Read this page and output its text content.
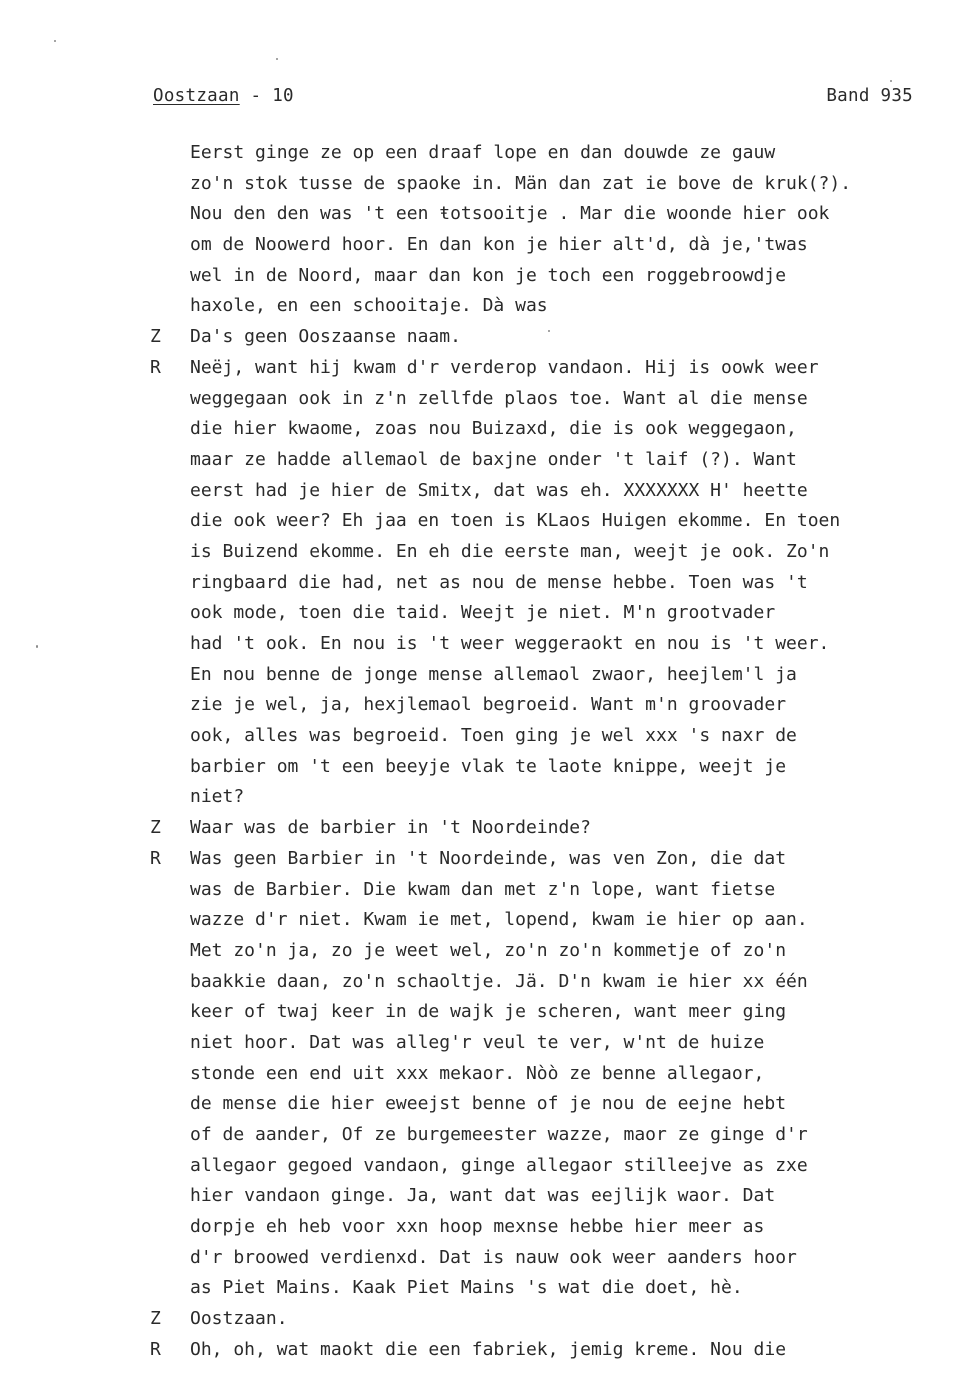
Oostzaan - 10	Band 935
Eerst ginge ze op een draaf lope en dan douwde ze gauw
zo'n stok tusse de spaoke in. Män dan zat ie bove de kruk(?).
Nou den den was 't een ŧotsooitje . Mar die woonde hier ook
om de Noowerd hoor. En dan kon je hier alt'd, dà je,'twas
wel in de Noord, maar dan kon je toch een roggebroowdje
haxole, en een schooitaje. Dà was
Z	Da's geen Ooszaanse naam.
R	Neëj, want hij kwam d'r verderop vandaon. Hij is oowk weer
weggegaan ook in z'n zellfde plaos toe. Want al die mense
die hier kwaome, zoas nou Buizaxd, die is ook weggegaon,
maar ze hadde allemaol de baxjne onder 't laif (?). Want
eerst had je hier de Smitx, dat was eh. XXXXXXX H' heette
die ook weer? Eh jaa en toen is KLaos Huigen ekomme. En toen
is Buizend ekomme. En eh die eerste man, weejt je ook. Zo'n
ringbaard die had, net as nou de mense hebbe. Toen was 't
ook mode, toen die taid. Weejt je niet. M'n grootvader
had 't ook. En nou is 't weer weggeraokt en nou is 't weer.
En nou benne de jonge mense allemaol zwaor, heejlem'l ja
zie je wel, ja, hexjlemaol begroeid. Want m'n groovader
ook, alles was begroeid. Toen ging je wel xxx 's naxr de
barbier om 't een beeyje vlak te laote knippe, weejt je
niet?
Z	Waar was de barbier in 't Noordeinde?
R	Was geen Barbier in 't Noordeinde, was ven Zon, die dat
was de Barbier. Die kwam dan met z'n lope, want fietse
wazze d'r niet. Kwam ie met, lopend, kwam ie hier op aan.
Met zo'n ja, zo je weet wel, zo'n zo'n kommetje of zo'n
baakkie daan, zo'n schaoltje. Jä. D'n kwam ie hier xx één
keer of twaj keer in de wajk je scheren, want meer ging
niet hoor. Dat was alleg'r veul te ver, w'nt de huize
stonde een end uit xxx mekaor. Nòò ze benne allegaor,
de mense die hier eweejst benne of je nou de eejne hebt
of de aander, Of ze burgemeester wazze, maor ze ginge d'r
allegaor gegoed vandaon, ginge allegaor stilleejve as zxe
hier vandaon ginge. Ja, want dat was eejlijk waor. Dat
dorpje eh heb voor xxn hoop mexnse hebbe hier meer as
d'r broowed verdienxd. Dat is nauw ook weer aanders hoor
as Piet Mains. Kaak Piet Mains 's wat die doet, hè.
Z	Oostzaan.
R	Oh, oh, wat maokt die een fabriek, jemig kreme. Nou die
